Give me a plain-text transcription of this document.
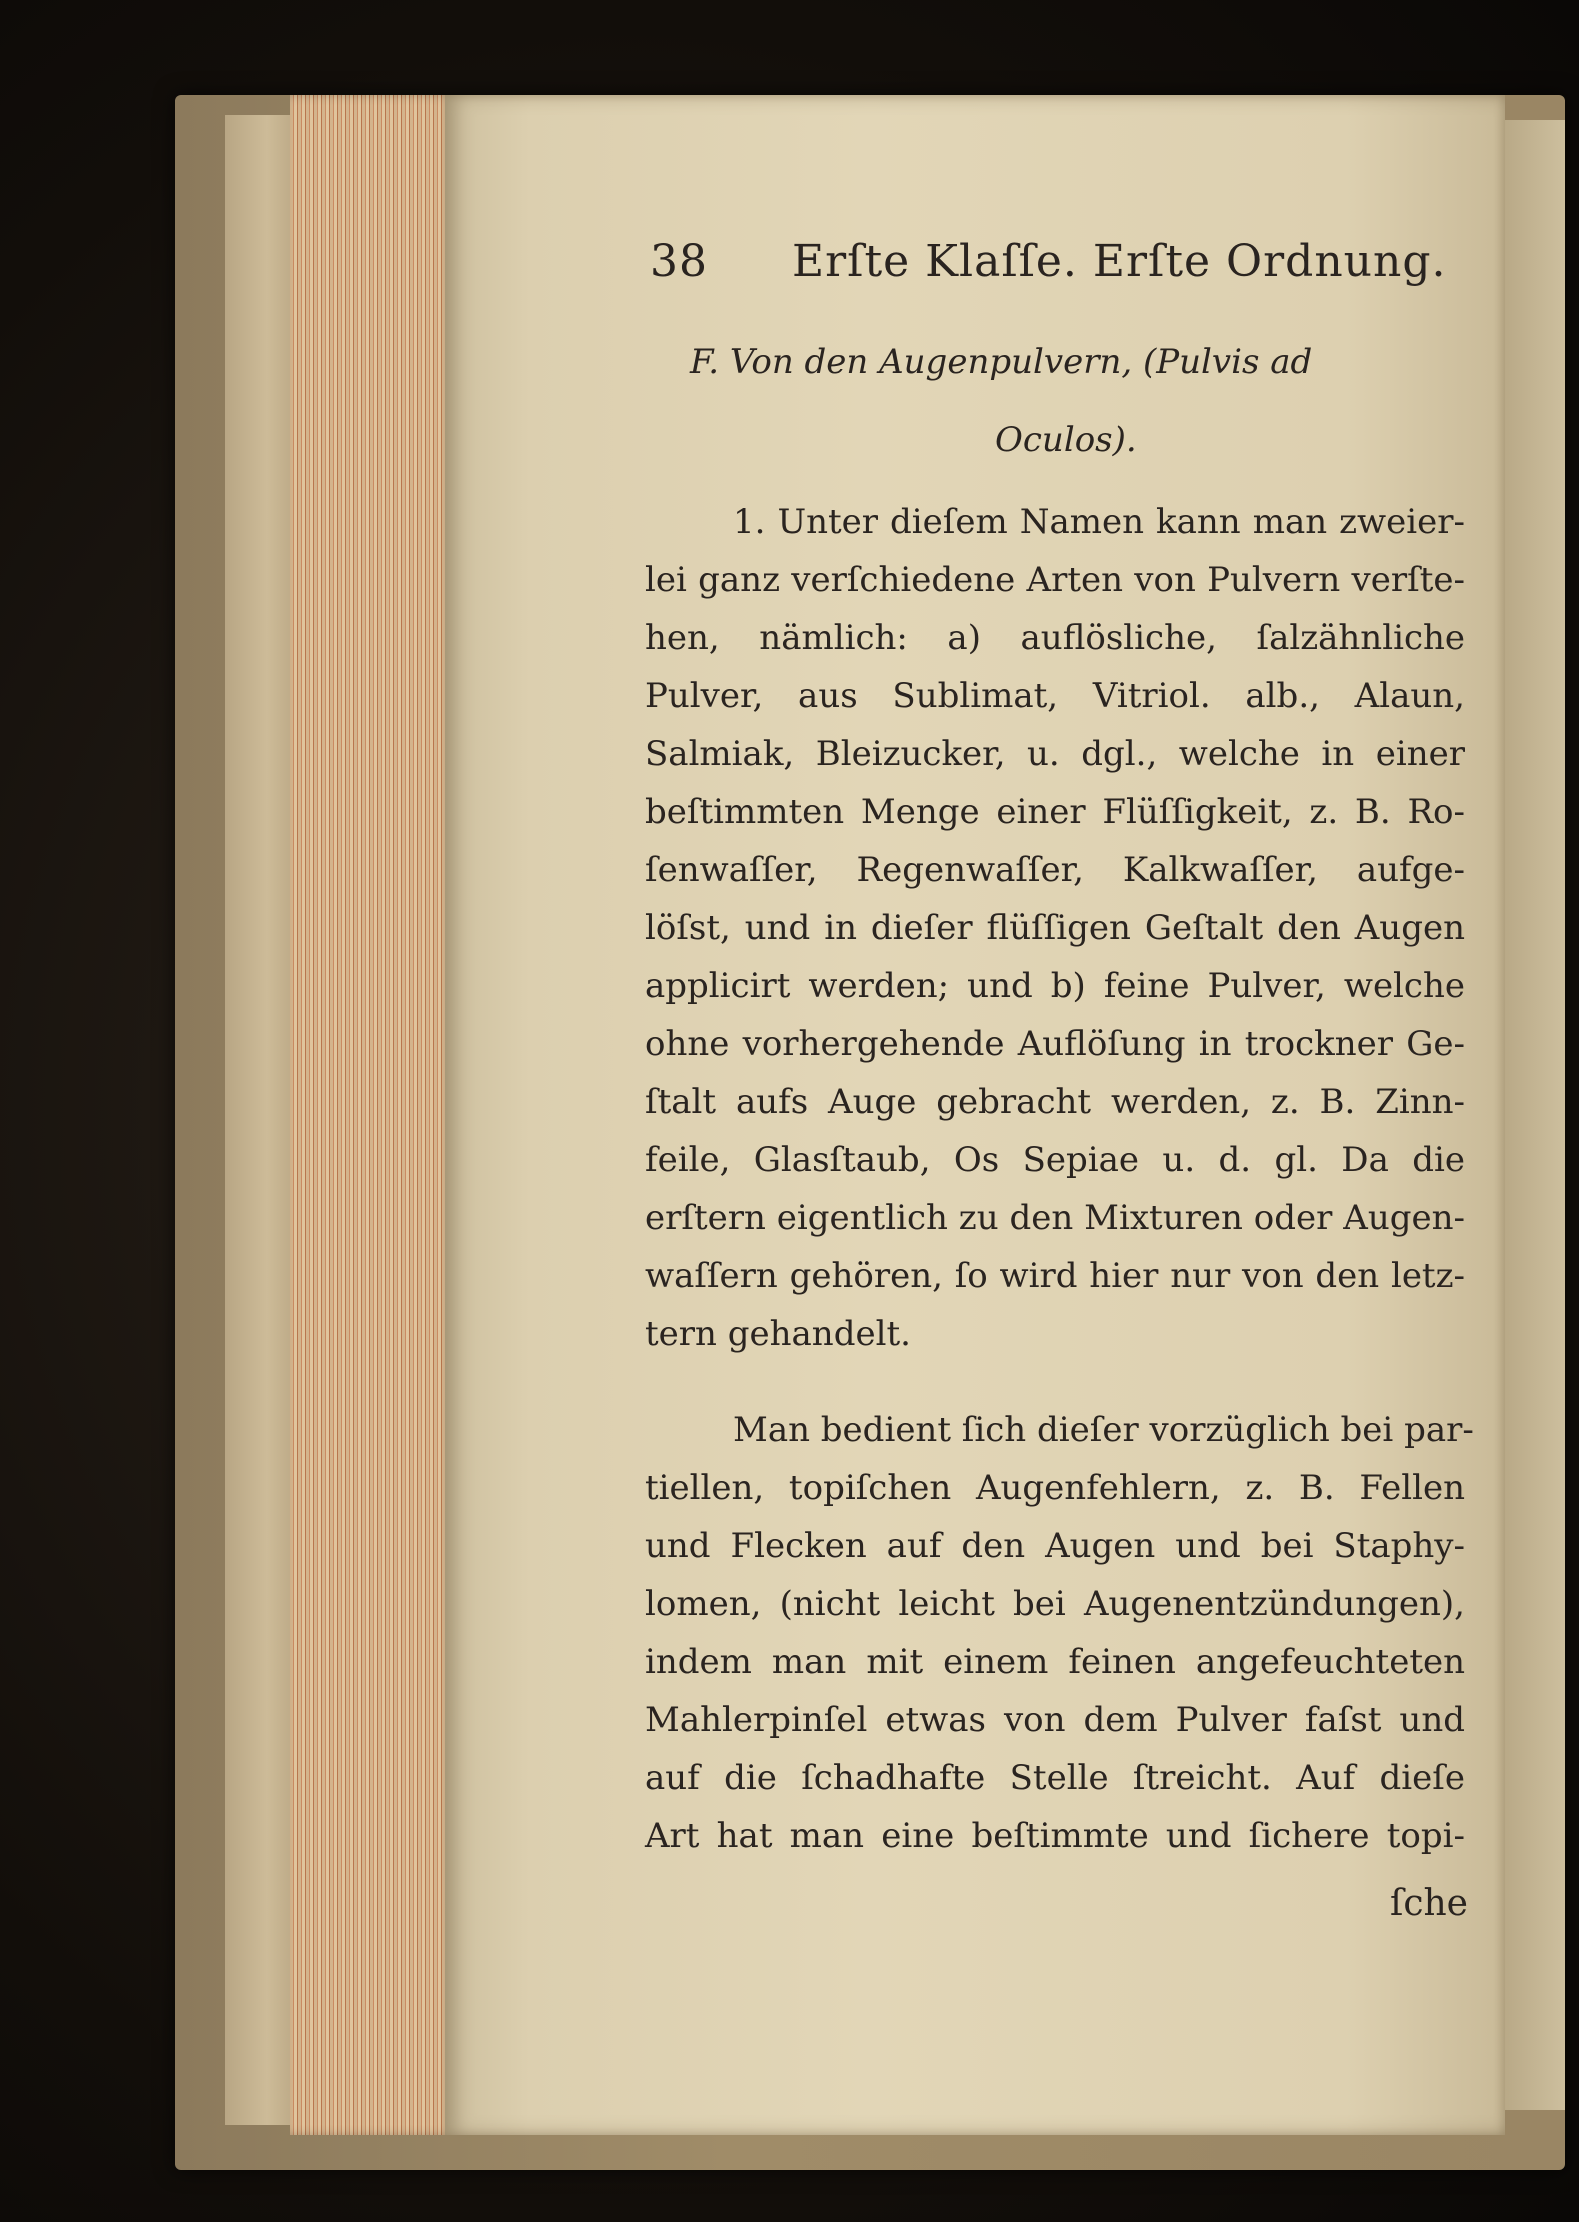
38 Erſte Klaſſe. Erſte Ordnung.
F. Von den Augenpulvern, (Pulvis ad
Oculos).
1. Unter dieſem Namen kann man zweier-
lei ganz verſchiedene Arten von Pulvern verſte-
hen, nämlich: a) auflösliche, ſalzähnliche
Pulver, aus Sublimat, Vitriol. alb., Alaun,
Salmiak, Bleizucker, u. dgl., welche in einer
beſtimmten Menge einer Flüſſigkeit, z. B. Ro-
ſenwaſſer, Regenwaſſer, Kalkwaſſer, aufge-
löſst, und in dieſer flüſſigen Geſtalt den Augen
applicirt werden; und b) feine Pulver, welche
ohne vorhergehende Auflöſung in trockner Ge-
ſtalt aufs Auge gebracht werden, z. B. Zinn-
feile, Glasſtaub, Os Sepiae u. d. gl. Da die
erſtern eigentlich zu den Mixturen oder Augen-
waſſern gehören, ſo wird hier nur von den letz-
tern gehandelt.
Man bedient ſich dieſer vorzüglich bei par-
tiellen, topiſchen Augenfehlern, z. B. Fellen
und Flecken auf den Augen und bei Staphy-
lomen, (nicht leicht bei Augenentzündungen),
indem man mit einem feinen angefeuchteten
Mahlerpinſel etwas von dem Pulver faſst und
auf die ſchadhafte Stelle ſtreicht. Auf dieſe
Art hat man eine beſtimmte und ſichere topi-
ſche
